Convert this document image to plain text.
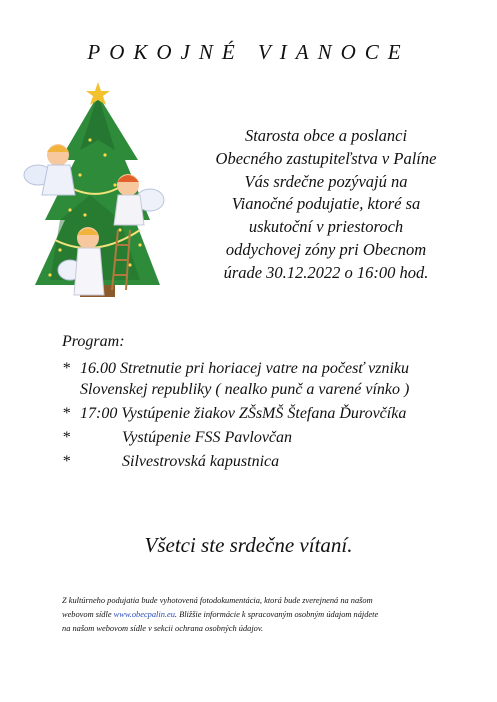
POKOJNÉ VIANOCE
Starosta obce a poslanci
Obecného zastupiteľstva v Palíne
Vás srdečne pozývajú na
Vianočné podujatie, ktoré sa
uskutoční v priestoroch
oddychovej zóny pri Obecnom
úrade 30.12.2022 o 16:00 hod.
Program:
* 16.00 Stretnutie pri horiacej vatre na počesť vzniku
Slovenskej republiky ( nealko punč a varené vínko )
* 17:00 Vystúpenie žiakov ZŠsMŠ Štefana Ďurovčíka
*	Vystúpenie FSS Pavlovčan
*	Silvestrovská kapustnica
Všetci ste srdečne vítaní.
Z kultúrneho podujatia bude vyhotovená fotodokumentácia, ktorá bude zverejnená na našom
webovom sídle www.obecpalin.eu. Bližšie informácie k spracovaným osobným údajom nájdete
na našom webovom sídle v sekcii ochrana osobných údajov.
